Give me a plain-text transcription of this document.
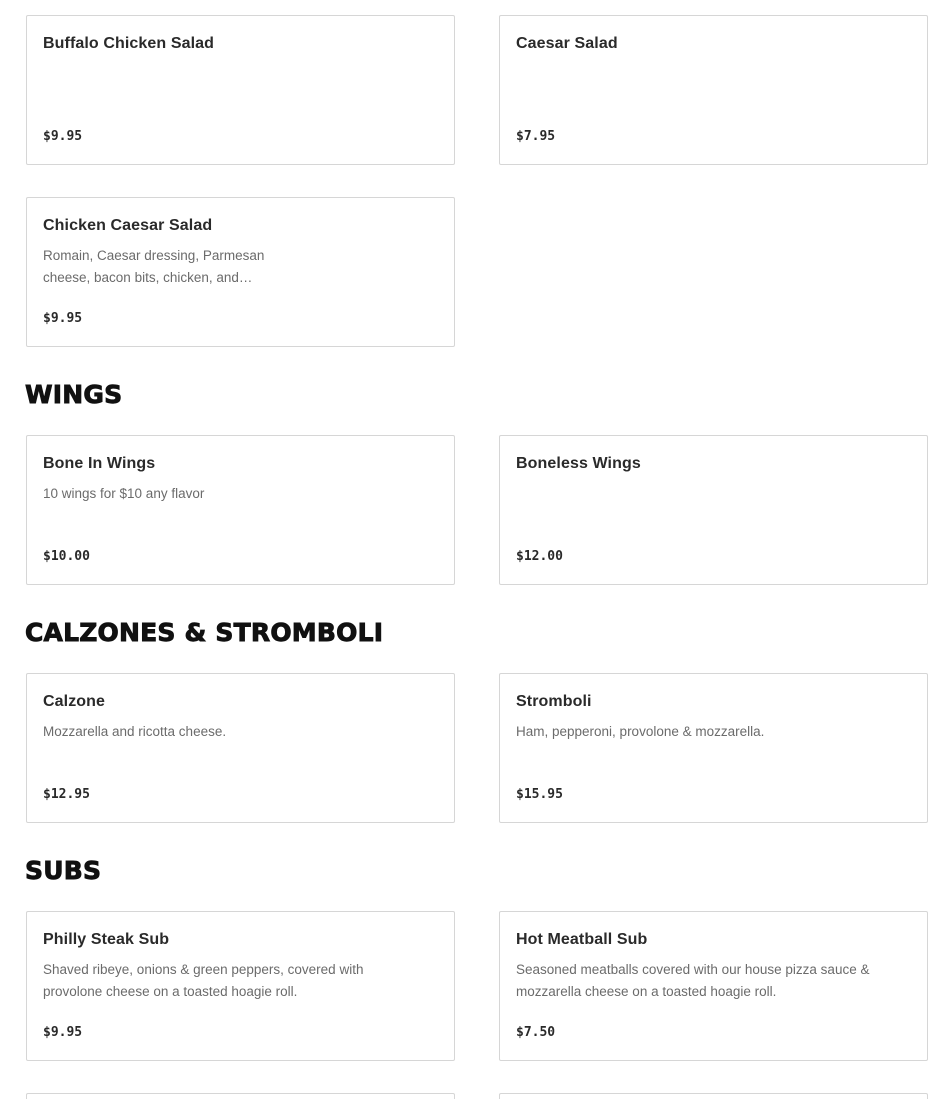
Buffalo Chicken Salad
$9.95
Caesar Salad
$7.95
Chicken Caesar Salad
Romain, Caesar dressing, Parmesan cheese, bacon bits, chicken, and…
$9.95
WINGS
Bone In Wings
10 wings for $10 any flavor
$10.00
Boneless Wings
$12.00
CALZONES & STROMBOLI
Calzone
Mozzarella and ricotta cheese.
$12.95
Stromboli
Ham, pepperoni, provolone & mozzarella.
$15.95
SUBS
Philly Steak Sub
Shaved ribeye, onions & green peppers, covered with provolone cheese on a toasted hoagie roll.
$9.95
Hot Meatball Sub
Seasoned meatballs covered with our house pizza sauce & mozzarella cheese on a toasted hoagie roll.
$7.50
